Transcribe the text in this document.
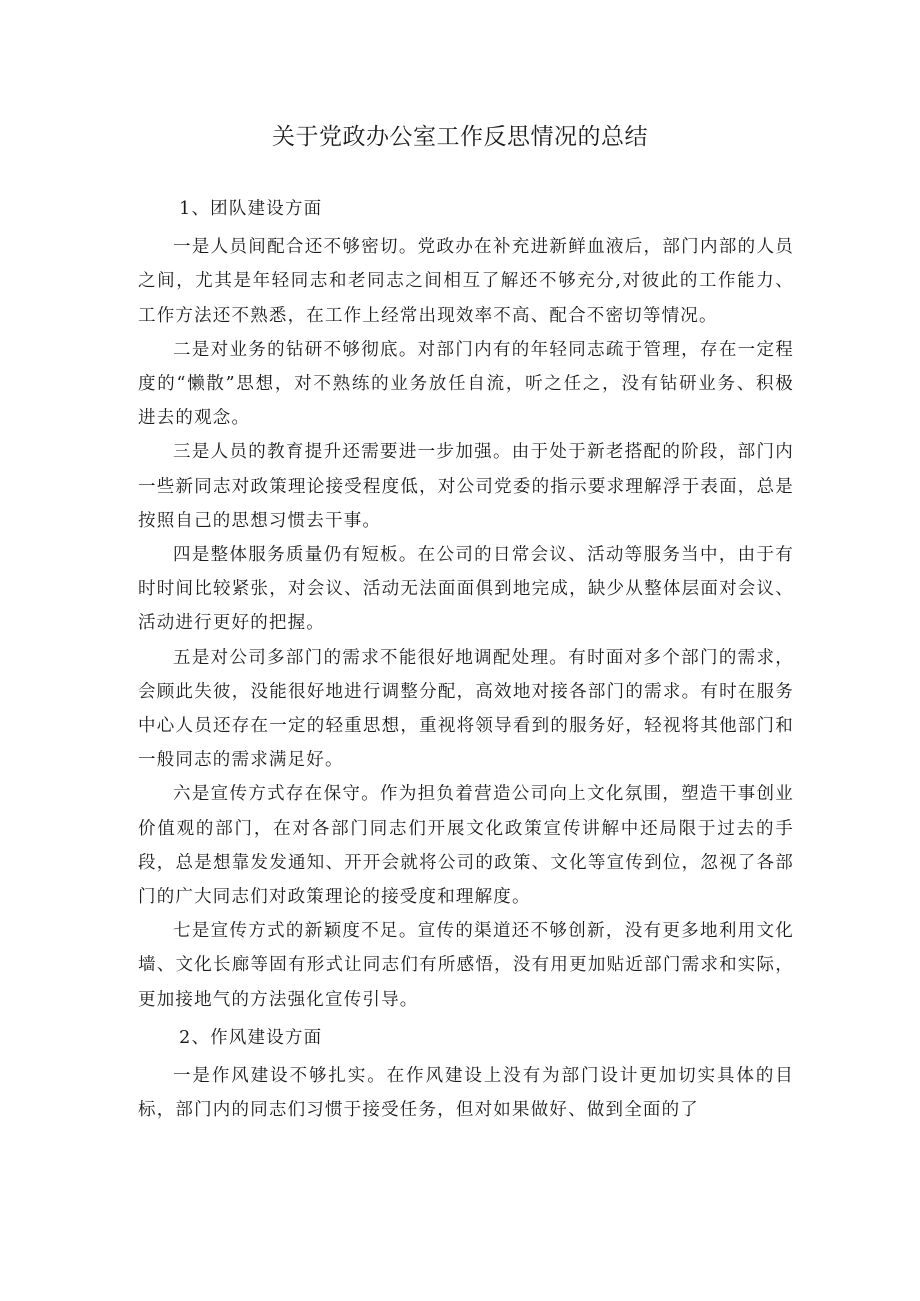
关于党政办公室工作反思情况的总结

1、团队建设方面

一是人员间配合还不够密切。党政办在补充进新鲜血液后，部门内部的人员之间，尤其是年轻同志和老同志之间相互了解还不够充分,对彼此的工作能力、工作方法还不熟悉，在工作上经常出现效率不高、配合不密切等情况。

二是对业务的钻研不够彻底。对部门内有的年轻同志疏于管理，存在一定程度的“懒散”思想，对不熟练的业务放任自流，听之任之，没有钻研业务、积极进去的观念。

三是人员的教育提升还需要进一步加强。由于处于新老搭配的阶段，部门内一些新同志对政策理论接受程度低，对公司党委的指示要求理解浮于表面，总是按照自己的思想习惯去干事。

四是整体服务质量仍有短板。在公司的日常会议、活动等服务当中，由于有时时间比较紧张，对会议、活动无法面面俱到地完成，缺少从整体层面对会议、活动进行更好的把握。

五是对公司多部门的需求不能很好地调配处理。有时面对多个部门的需求，会顾此失彼，没能很好地进行调整分配，高效地对接各部门的需求。有时在服务中心人员还存在一定的轻重思想，重视将领导看到的服务好，轻视将其他部门和一般同志的需求满足好。

六是宣传方式存在保守。作为担负着营造公司向上文化氛围，塑造干事创业价值观的部门，在对各部门同志们开展文化政策宣传讲解中还局限于过去的手段，总是想靠发发通知、开开会就将公司的政策、文化等宣传到位，忽视了各部门的广大同志们对政策理论的接受度和理解度。

七是宣传方式的新颖度不足。宣传的渠道还不够创新，没有更多地利用文化墙、文化长廊等固有形式让同志们有所感悟，没有用更加贴近部门需求和实际，更加接地气的方法强化宣传引导。

2、作风建设方面

一是作风建设不够扎实。在作风建设上没有为部门设计更加切实具体的目标，部门内的同志们习惯于接受任务，但对如果做好、做到全面的了
